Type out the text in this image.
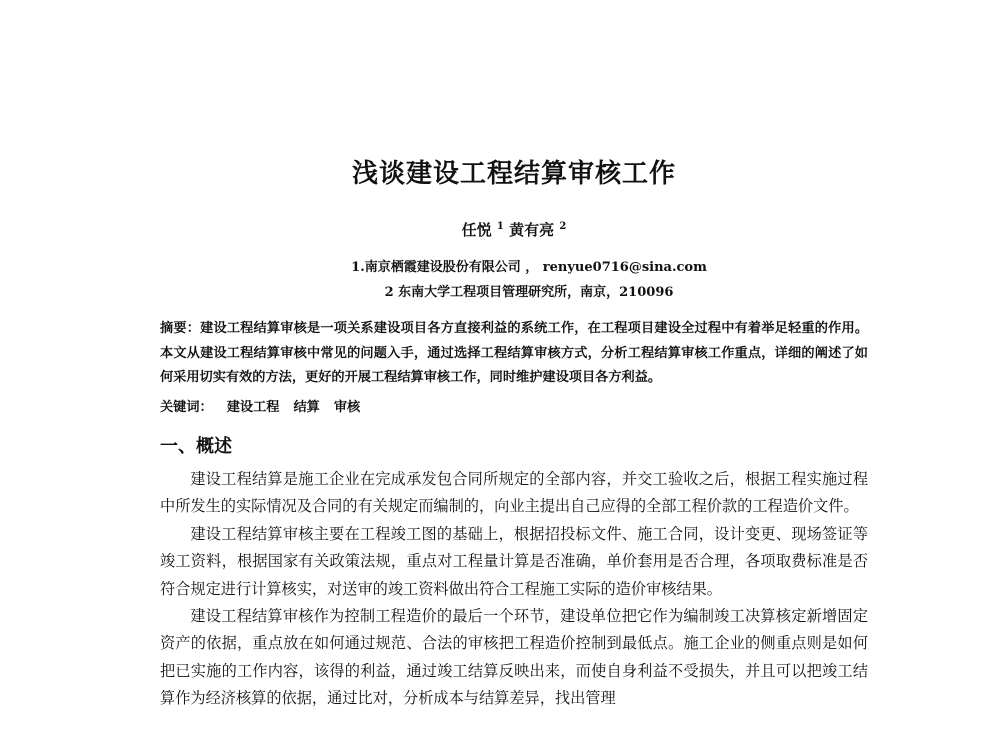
浅谈建设工程结算审核工作
任悦 $^1$ 黄有亮 $^2$
1.南京栖霞建设股份有限公司 ， renyue0716@sina.com
2 东南大学工程项目管理研究所，南京，210096
摘要：建设工程结算审核是一项关系建设项目各方直接利益的系统工作，在工程项目建设全过程中有着举足轻重的作用。本文从建设工程结算审核中常见的问题入手，通过选择工程结算审核方式，分析工程结算审核工作重点，详细的阐述了如何采用切实有效的方法，更好的开展工程结算审核工作，同时维护建设项目各方利益。
关键词： 建设工程 结算 审核
一、概述

建设工程结算是施工企业在完成承发包合同所规定的全部内容，并交工验收之后，根据工程实施过程中所发生的实际情况及合同的有关规定而编制的，向业主提出自己应得的全部工程价款的工程造价文件。

建设工程结算审核主要在工程竣工图的基础上，根据招投标文件、施工合同，设计变更、现场签证等竣工资料，根据国家有关政策法规，重点对工程量计算是否准确，单价套用是否合理，各项取费标准是否符合规定进行计算核实，对送审的竣工资料做出符合工程施工实际的造价审核结果。

建设工程结算审核作为控制工程造价的最后一个环节，建设单位把它作为编制竣工决算核定新增固定资产的依据，重点放在如何通过规范、合法的审核把工程造价控制到最低点。施工企业的侧重点则是如何把已实施的工作内容，该得的利益，通过竣工结算反映出来，而使自身利益不受损失，并且可以把竣工结算作为经济核算的依据，通过比对，分析成本与结算差异，找出管理
